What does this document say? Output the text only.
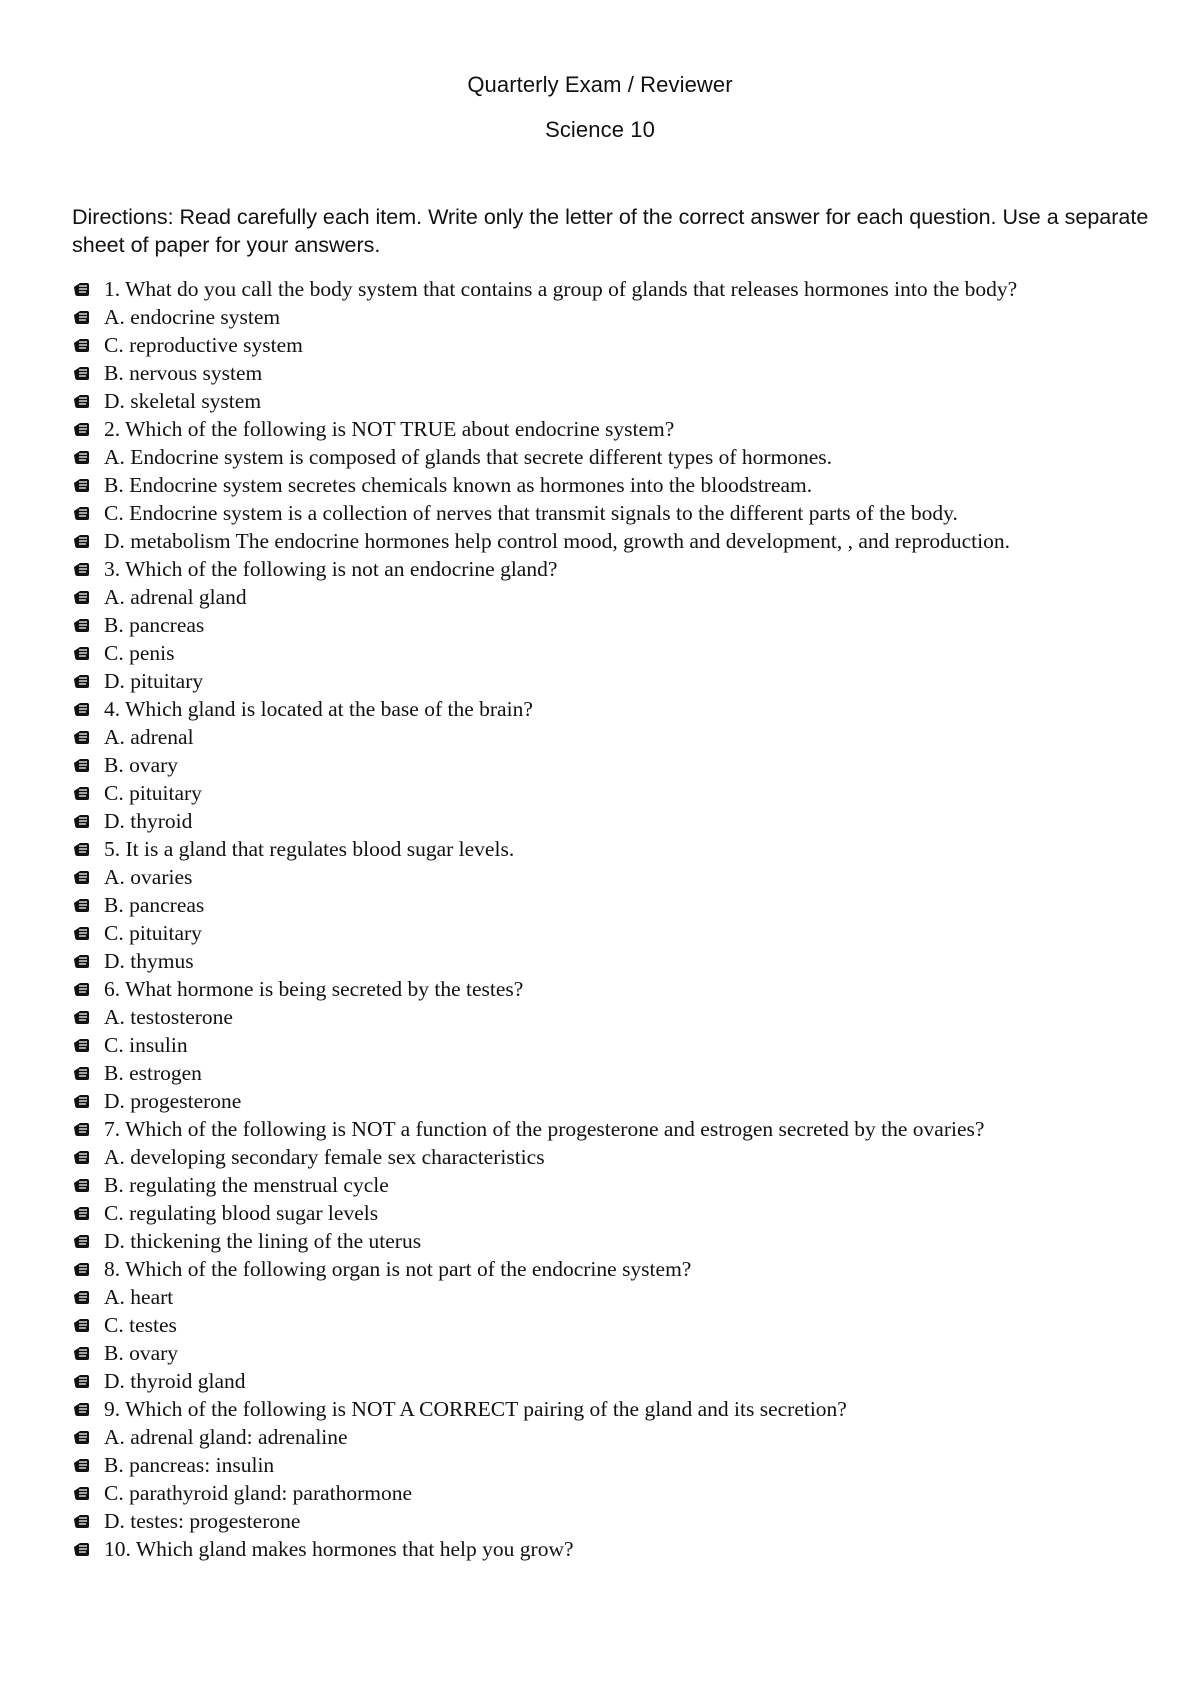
Quarterly Exam / Reviewer
Science 10

Directions: Read carefully each item. Write only the letter of the correct answer for each question. Use a separate sheet of paper for your answers.

1. What do you call the body system that contains a group of glands that releases hormones into the body?
A. endocrine system
C. reproductive system
B. nervous system
D. skeletal system
2. Which of the following is NOT TRUE about endocrine system?
A. Endocrine system is composed of glands that secrete different types of hormones.
B. Endocrine system secretes chemicals known as hormones into the bloodstream.
C. Endocrine system is a collection of nerves that transmit signals to the different parts of the body.
D. metabolism The endocrine hormones help control mood, growth and development, , and reproduction.
3. Which of the following is not an endocrine gland?
A. adrenal gland
B. pancreas
C. penis
D. pituitary
4. Which gland is located at the base of the brain?
A. adrenal
B. ovary
C. pituitary
D. thyroid
5. It is a gland that regulates blood sugar levels.
A. ovaries
B. pancreas
C. pituitary
D. thymus
6. What hormone is being secreted by the testes?
A. testosterone
C. insulin
B. estrogen
D. progesterone
7. Which of the following is NOT a function of the progesterone and estrogen secreted by the ovaries?
A. developing secondary female sex characteristics
B. regulating the menstrual cycle
C. regulating blood sugar levels
D. thickening the lining of the uterus
8. Which of the following organ is not part of the endocrine system?
A. heart
C. testes
B. ovary
D. thyroid gland
9. Which of the following is NOT A CORRECT pairing of the gland and its secretion?
A. adrenal gland: adrenaline
B. pancreas: insulin
C. parathyroid gland: parathormone
D. testes: progesterone
10. Which gland makes hormones that help you grow?
